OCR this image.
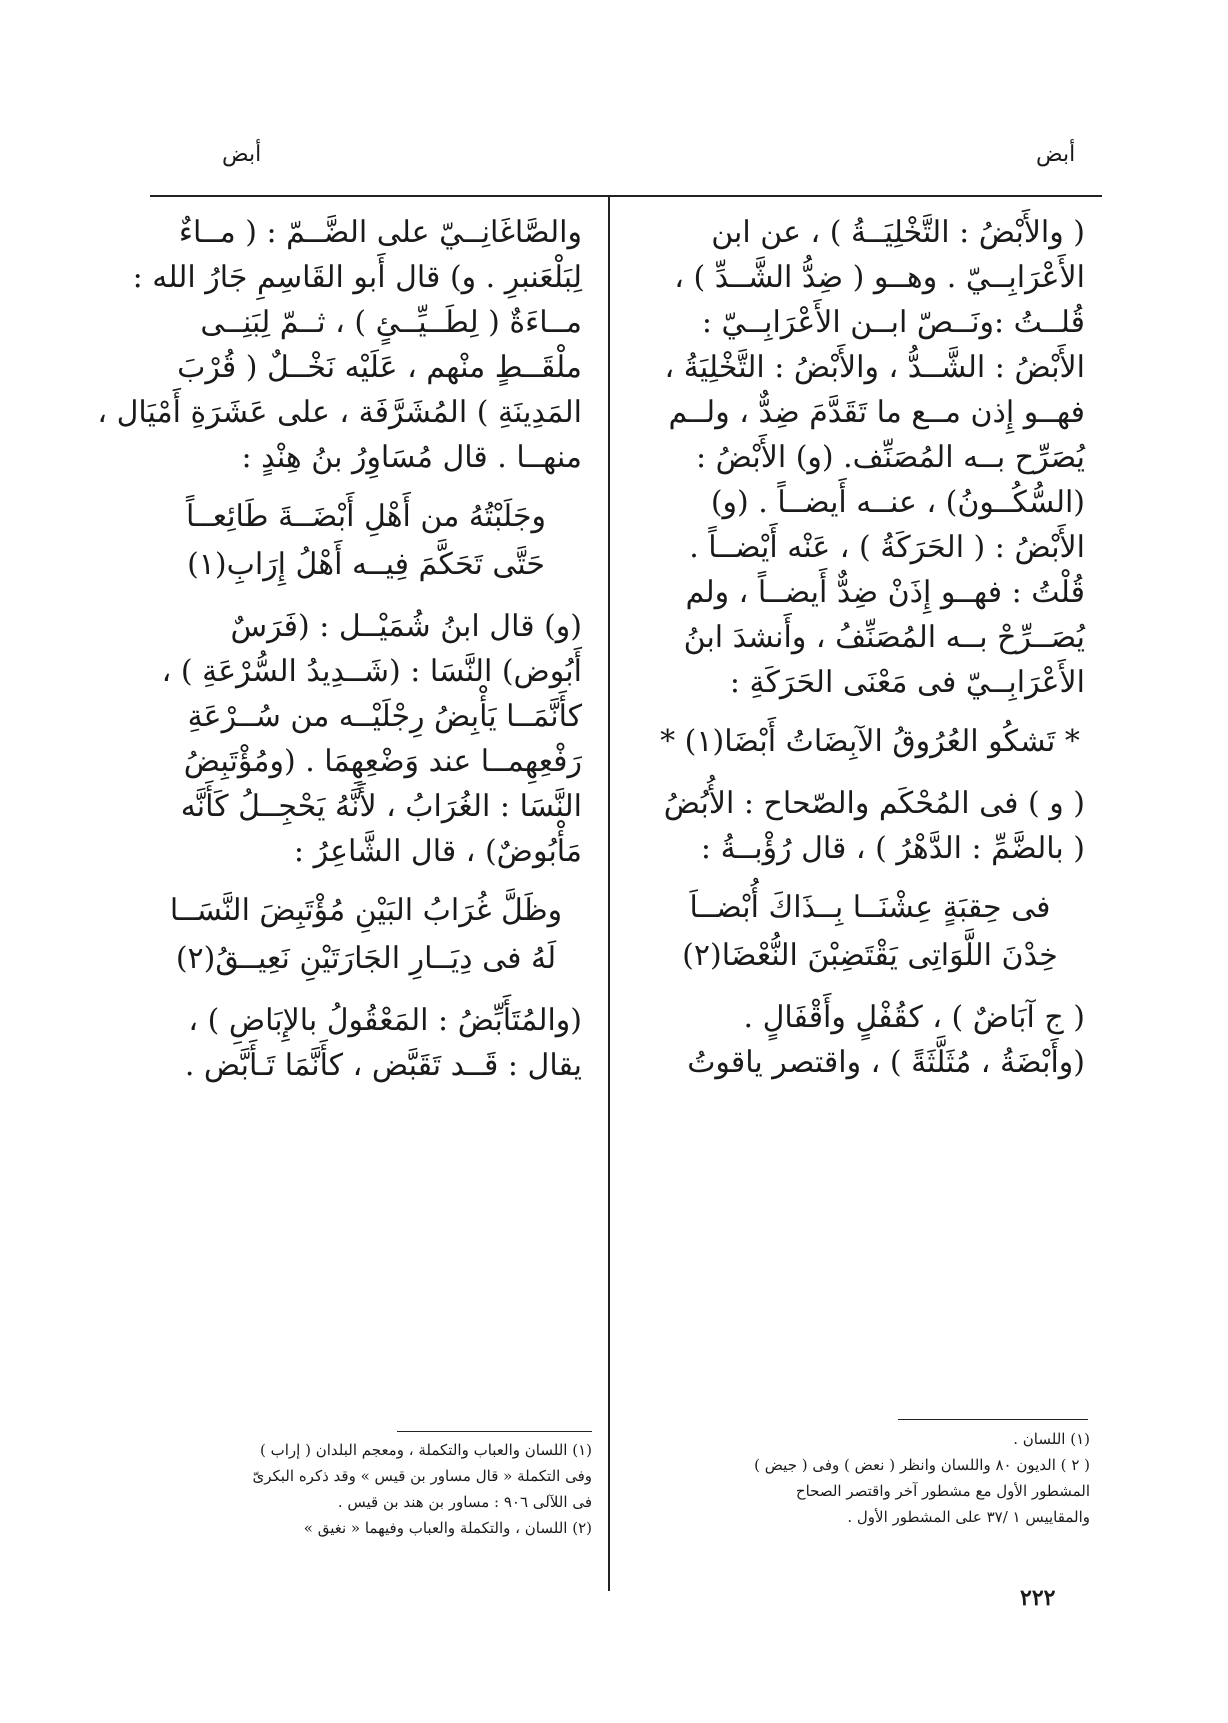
أبض
أبض
( والأَبْضُ : التَّخْلِيَــةُ ) ، عن ابن
الأَعْرَابِــيّ . وهــو ( ضِدُّ الشَّــدِّ ) ،
قُلــتُ :ونَــصّ ابــن الأَعْرَابِــيّ :
الأَبْضُ : الشَّــدُّ ، والأَبْضُ : التَّخْلِيَةُ ،
فهــو إِذن مــع ما تَقَدَّمَ ضِدٌّ ، ولــم
يُصَرِّح بــه المُصَنِّف. (و) الأَبْضُ :
(السُّكُــونُ) ، عنــه أَيضــاً . (و)
الأَبْضُ : ( الحَرَكَةُ ) ، عَنْه أَيْضــاً .
قُلْتُ : فهــو إِذَنْ ضِدٌّ أَيضــاً ، ولم
يُصَــرِّحْ بــه المُصَنِّفُ ، وأَنشدَ ابنُ
الأَعْرَابِــيّ فى مَعْنَى الحَرَكَةِ :
* تَشكُو العُرُوقُ الآبِضَاتُ أَبْضَا(١) *
( و ) فى المُحْكَم والصّحاح : الأُبُضُ
( بالضَّمِّ : الدَّهْرُ ) ، قال رُؤْبــةُ :
فى حِقبَةٍ عِشْنَــا بِــذَاكَ أُبْضــاَ
خِدْنَ اللَّوَاتِى يَقْتَضِبْنَ النُّعْضَا(٢)
( ج آبَاضٌ ) ، كقُفْلٍ وأَقْفَالٍ .
(وأَبْضَةُ ، مُثَلَّثَةً ) ، واقتصر ياقوتُ
والصَّاغَانِــيّ على الضَّــمّ : ( مــاءٌ
لِبَلْعَنبرِ . و) قال أَبو القَاسِمِ جَارُ الله :
مــاءَةٌ ( لِطَــيِّــئٍ ) ، ثــمّ لِبَنِــى
ملْقَــطٍ منْهم ، عَلَيْه نَخْــلٌ ( قُرْبَ
المَدِينَةِ ) المُشَرَّفَة ، على عَشَرَةِ أَمْيَال ،
منهــا . قال مُسَاوِرُ بنُ هِنْدٍ :
وجَلَبْتُهُ من أَهْلِ أَبْضَــةَ طَائِعــاً
حَتَّى تَحَكَّمَ فِيــه أَهْلُ إِرَابِ(١)
(و) قال ابنُ شُمَيْــل : (فَرَسٌ
أَبُوض) النَّسَا : (شَــدِيدُ السُّرْعَةِ ) ،
كأَنَّمَــا يَأْبِضُ رِجْلَيْــه من سُــرْعَةِ
رَفْعِهِمــا عند وَضْعِهِمَا . (ومُؤْتَبِضُ
النَّسَا : الغُرَابُ ، لأَنَّهُ يَحْجِــلُ كَأَنَّه
مَأْبُوضٌ) ، قال الشَّاعِرُ :
وظَلَّ غُرَابُ البَيْنِ مُؤْتَبِضَ النَّسَــا
لَهُ فى دِيَــارِ الجَارَتَيْنِ نَعِيــقُ(٢)
(والمُتَأَبِّضُ : المَعْقُولُ بالإِبَاضِ ) ،
يقال : قَــد تَقَبَّض ، كأَنَّمَا تَـأَبَّض .
(١) اللسان .
( ٢ ) الديون ٨٠ واللسان وانظر ( نعض ) وفى ( جيض )
المشطور الأول مع مشطور آخر واقتصر الصحاح
والمقاييس ١ /٣٧ على المشطور الأول .
(١) اللسان والعباب والتكملة ، ومعجم البلدان ( إراب )
وفى التكملة « قال مساور بن قيس » وقد ذكره البكرىّ
فى اللآلى ٩٠٦ : مساور بن هند بن قيس .
(٢) اللسان ، والتكملة والعباب وفيهما « نغيق »
٢٢٢
